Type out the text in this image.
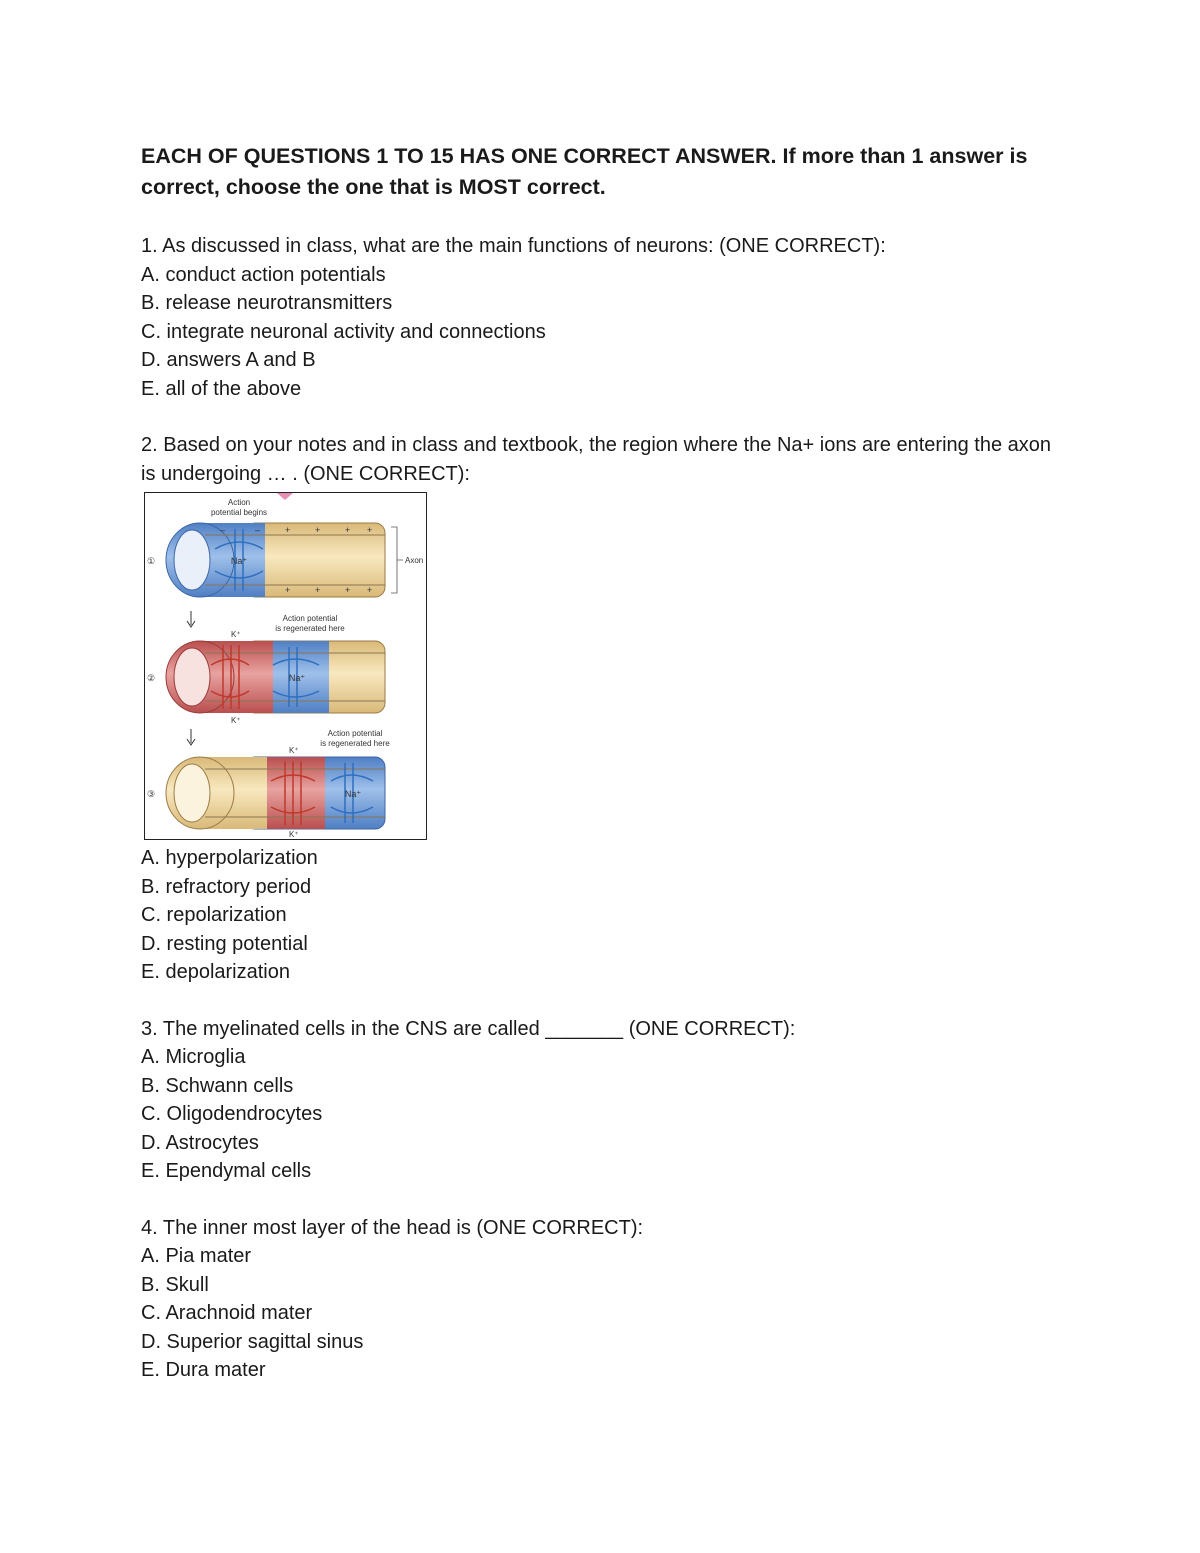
EACH OF QUESTIONS 1 TO 15 HAS ONE CORRECT ANSWER. If more than 1 answer is correct, choose the one that is MOST correct.

1. As discussed in class, what are the main functions of neurons: (ONE CORRECT):

A. conduct action potentials
B. release neurotransmitters
C. integrate neuronal activity and connections
D. answers A and B
E. all of the above

2. Based on your notes and in class and textbook, the region where the Na+ ions are entering the axon is undergoing … . (ONE CORRECT):

Action
potential begins
Na⁺
–	–	+	+	+ +
+	+	+ +
Axon
①
Action potential
is regenerated here
K⁺
Na⁺
K⁺
②
Action potential
is regenerated here
K⁺
Na⁺
K⁺
③
A. hyperpolarization
B. refractory period
C. repolarization
D. resting potential
E. depolarization

3. The myelinated cells in the CNS are called _______ (ONE CORRECT):

A. Microglia
B. Schwann cells
C. Oligodendrocytes
D. Astrocytes
E. Ependymal cells

4. The inner most layer of the head is (ONE CORRECT):

A. Pia mater
B. Skull
C. Arachnoid mater
D. Superior sagittal sinus
E. Dura mater
